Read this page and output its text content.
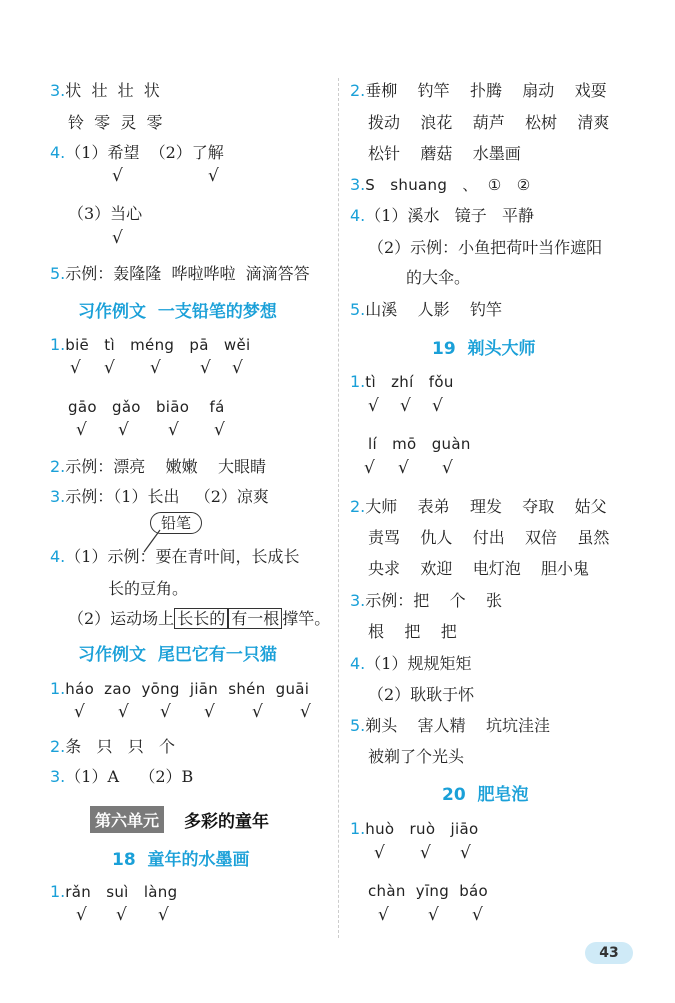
3.状  壮  壮  状
铃  零  灵  零
4.（1）希望  （2）了解
√	√
（3）当心
√
5.示例：轰隆隆  哗啦哗啦  滴滴答答
习作例文  一支铅笔的梦想
1.biē   tì   méng   pā   wěi
√ √ √ √ √
gāo   gǎo   biāo    fá
√ √ √ √
2.示例：漂亮    嫩嫩    大眼睛
3.示例：（1）长出   （2）凉爽
铅笔
4.（1）示例：要在青叶间，长成长
长的豆角。
（2）运动场上 长长的 有一根 撑竿。
习作例文  尾巴它有一只猫
1.háo  zao  yōng  jiān  shén  guāi
√ √ √ √ √ √
2.条   只   只   个
3.（1）A    （2）B
第六单元 多彩的童年
18  童年的水墨画
1.rǎn   suì   làng
√ √ √
2.垂柳    钓竿    扑腾    扇动    戏耍
拨动    浪花    葫芦    松树    清爽
松针    蘑菇    水墨画
3.S   shuang   、  ①   ②
4.（1）溪水   镜子   平静
（2）示例：小鱼把荷叶当作遮阳
的大伞。
5.山溪    人影    钓竿
19  剃头大师
1.tì   zhí   fǒu
√ √ √
lí   mō   guàn
√ √ √
2.大师    表弟    理发    夺取    姑父
责骂    仇人    付出    双倍    虽然
央求    欢迎    电灯泡    胆小鬼
3.示例：把    个    张
根    把    把
4.（1）规规矩矩
（2）耿耿于怀
5.剃头    害人精    坑坑洼洼
被剃了个光头
20  肥皂泡
1.huò   ruò   jiāo
√ √ √
chàn  yīng  báo
√ √ √
43
